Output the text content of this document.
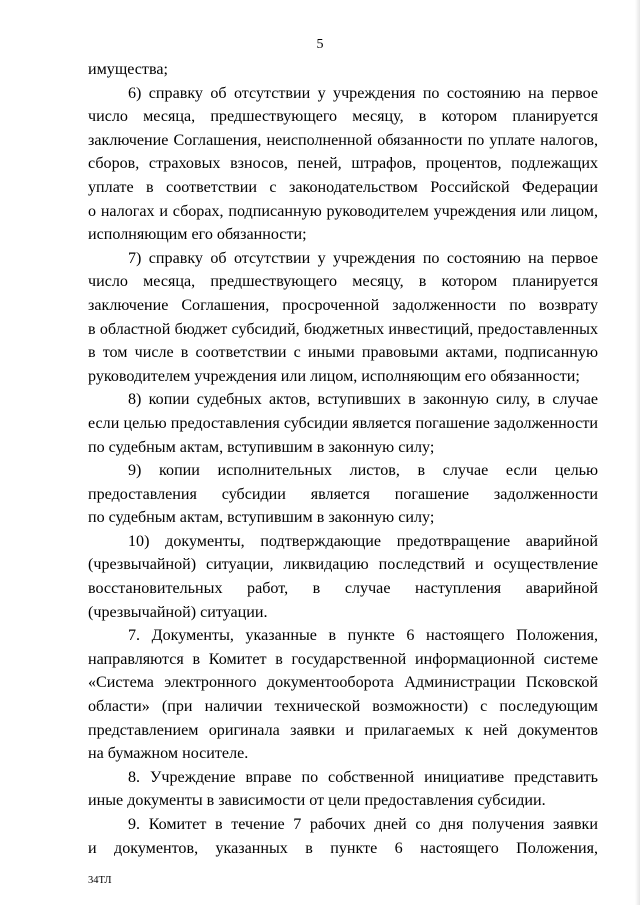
5
имущества;
6) справку об отсутствии у учреждения по состоянию на первое
число месяца, предшествующего месяцу, в котором планируется
заключение Соглашения, неисполненной обязанности по уплате налогов,
сборов, страховых взносов, пеней, штрафов, процентов, подлежащих
уплате в соответствии с законодательством Российской Федерации
о налогах и сборах, подписанную руководителем учреждения или лицом,
исполняющим его обязанности;
7) справку об отсутствии у учреждения по состоянию на первое
число месяца, предшествующего месяцу, в котором планируется
заключение Соглашения, просроченной задолженности по возврату
в областной бюджет субсидий, бюджетных инвестиций, предоставленных
в том числе в соответствии с иными правовыми актами, подписанную
руководителем учреждения или лицом, исполняющим его обязанности;
8) копии судебных актов, вступивших в законную силу, в случае
если целью предоставления субсидии является погашение задолженности
по судебным актам, вступившим в законную силу;
9) копии исполнительных листов, в случае если целью
предоставления субсидии является погашение задолженности
по судебным актам, вступившим в законную силу;
10) документы, подтверждающие предотвращение аварийной
(чрезвычайной) ситуации, ликвидацию последствий и осуществление
восстановительных работ, в случае наступления аварийной
(чрезвычайной) ситуации.
7. Документы, указанные в пункте 6 настоящего Положения,
направляются в Комитет в государственной информационной системе
«Система электронного документооборота Администрации Псковской
области» (при наличии технической возможности) с последующим
представлением оригинала заявки и прилагаемых к ней документов
на бумажном носителе.
8. Учреждение вправе по собственной инициативе представить
иные документы в зависимости от цели предоставления субсидии.
9. Комитет в течение 7 рабочих дней со дня получения заявки
и документов, указанных в пункте 6 настоящего Положения,
34ТЛ
